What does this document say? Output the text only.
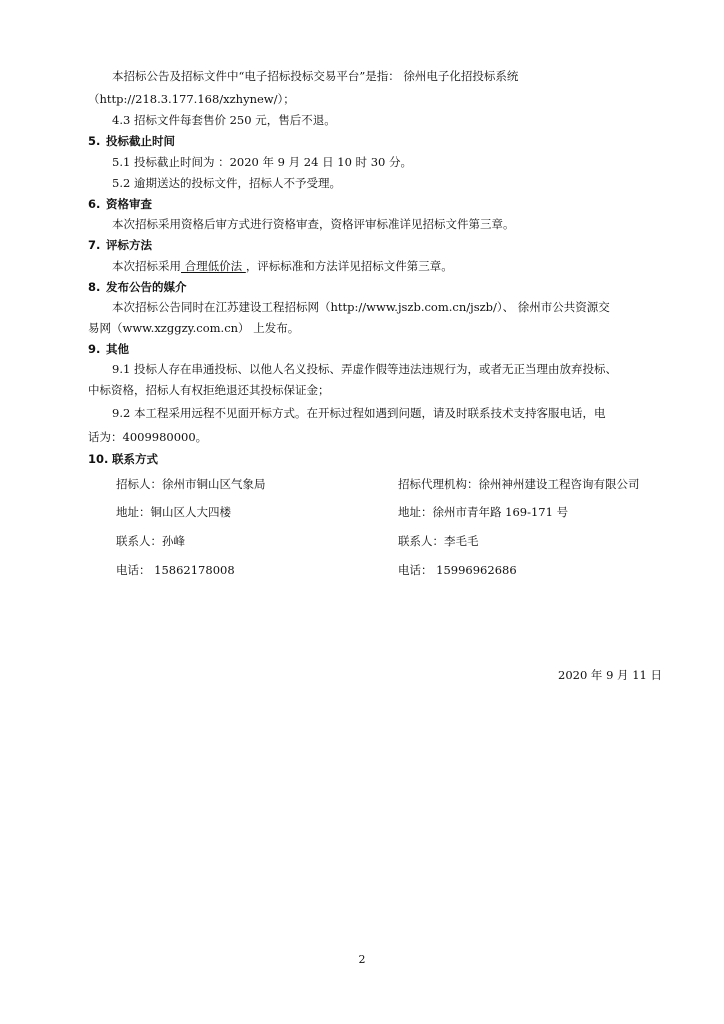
本招标公告及招标文件中“电子招标投标交易平台”是指： 徐州电子化招投标系统
（http://218.3.177.168/xzhynew/）；
4.3 招标文件每套售价 250 元，售后不退。
5. 投标截止时间
5.1 投标截止时间为 ：2020 年 9 月 24 日 10 时 30 分。
5.2 逾期送达的投标文件，招标人不予受理。
6. 资格审查
本次招标采用资格后审方式进行资格审查，资格评审标准详见招标文件第三章。
7. 评标方法
本次招标采用 合理低价法 ，评标标准和方法详见招标文件第三章。
8. 发布公告的媒介
本次招标公告同时在江苏建设工程招标网（http://www.jszb.com.cn/jszb/）、 徐州市公共资源交
易网（www.xzggzy.com.cn） 上发布。
9. 其他
9.1 投标人存在串通投标、以他人名义投标、弄虚作假等违法违规行为，或者无正当理由放弃投标、
中标资格，招标人有权拒绝退还其投标保证金；
9.2 本工程采用远程不见面开标方式。在开标过程如遇到问题，请及时联系技术支持客服电话，电
话为：4009980000。
10. 联系方式
招标人：徐州市铜山区气象局
地址：铜山区人大四楼
联系人：孙峰
电话： 15862178008
招标代理机构：徐州神州建设工程咨询有限公司
地址：徐州市青年路 169-171 号
联系人：李毛毛
电话： 15996962686
2020 年 9 月 11 日
2
